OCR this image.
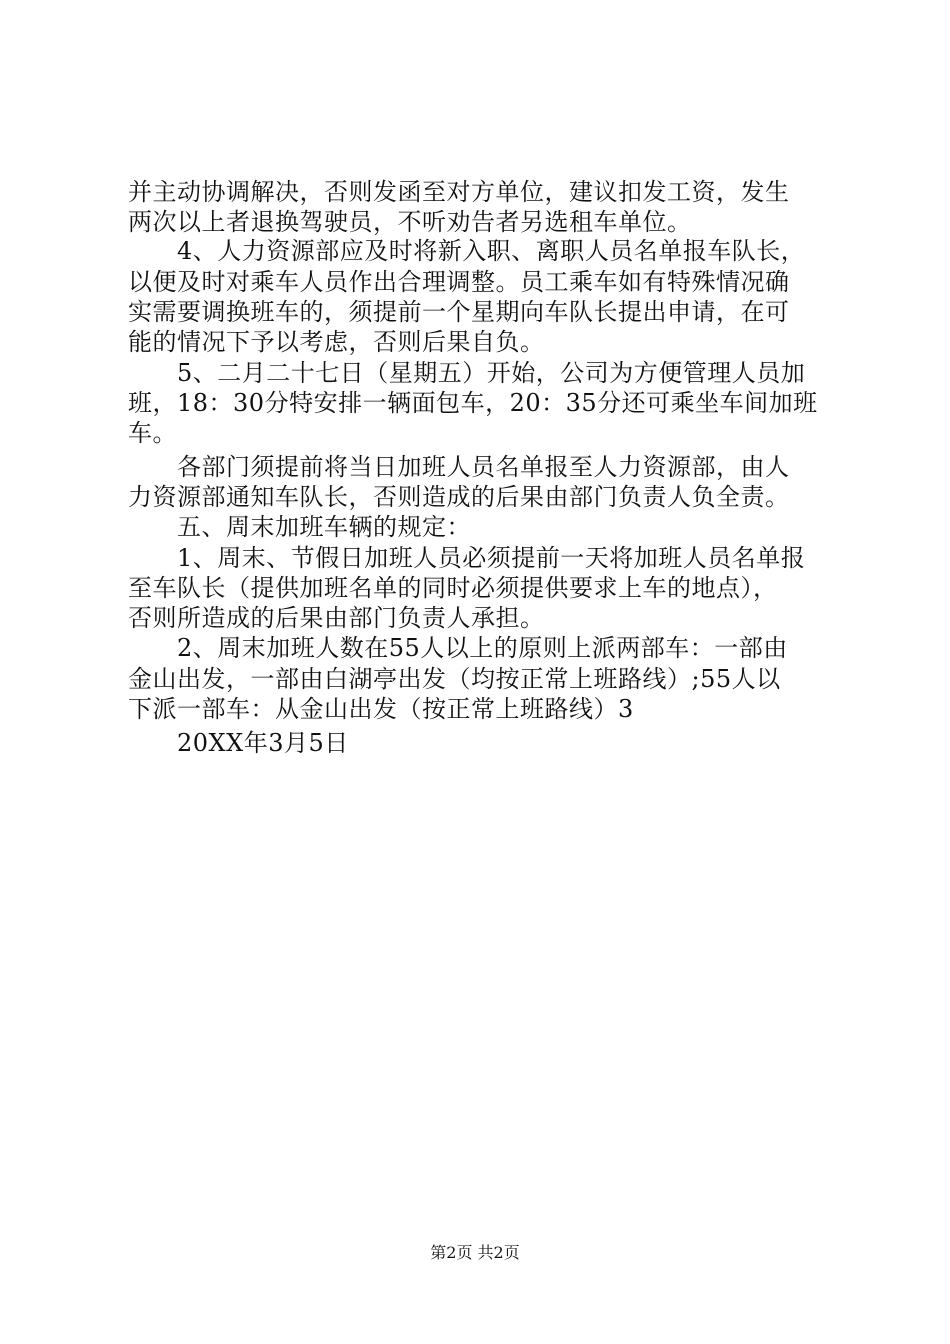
并主动协调解决，否则发函至对方单位，建议扣发工资，发生
两次以上者退换驾驶员，不听劝告者另选租车单位。
　　4、人力资源部应及时将新入职、离职人员名单报车队长，
以便及时对乘车人员作出合理调整。员工乘车如有特殊情况确
实需要调换班车的，须提前一个星期向车队长提出申请，在可
能的情况下予以考虑，否则后果自负。
　　5、二月二十七日（星期五）开始，公司为方便管理人员加
班，18：30分特安排一辆面包车，20：35分还可乘坐车间加班
车。
　　各部门须提前将当日加班人员名单报至人力资源部，由人
力资源部通知车队长，否则造成的后果由部门负责人负全责。
　　五、周末加班车辆的规定：
　　1、周末、节假日加班人员必须提前一天将加班人员名单报
至车队长（提供加班名单的同时必须提供要求上车的地点），
否则所造成的后果由部门负责人承担。
　　2、周末加班人数在55人以上的原则上派两部车：一部由
金山出发，一部由白湖亭出发（均按正常上班路线）;55人以
下派一部车：从金山出发（按正常上班路线）3
　　20XX年3月5日
第2页 共2页
